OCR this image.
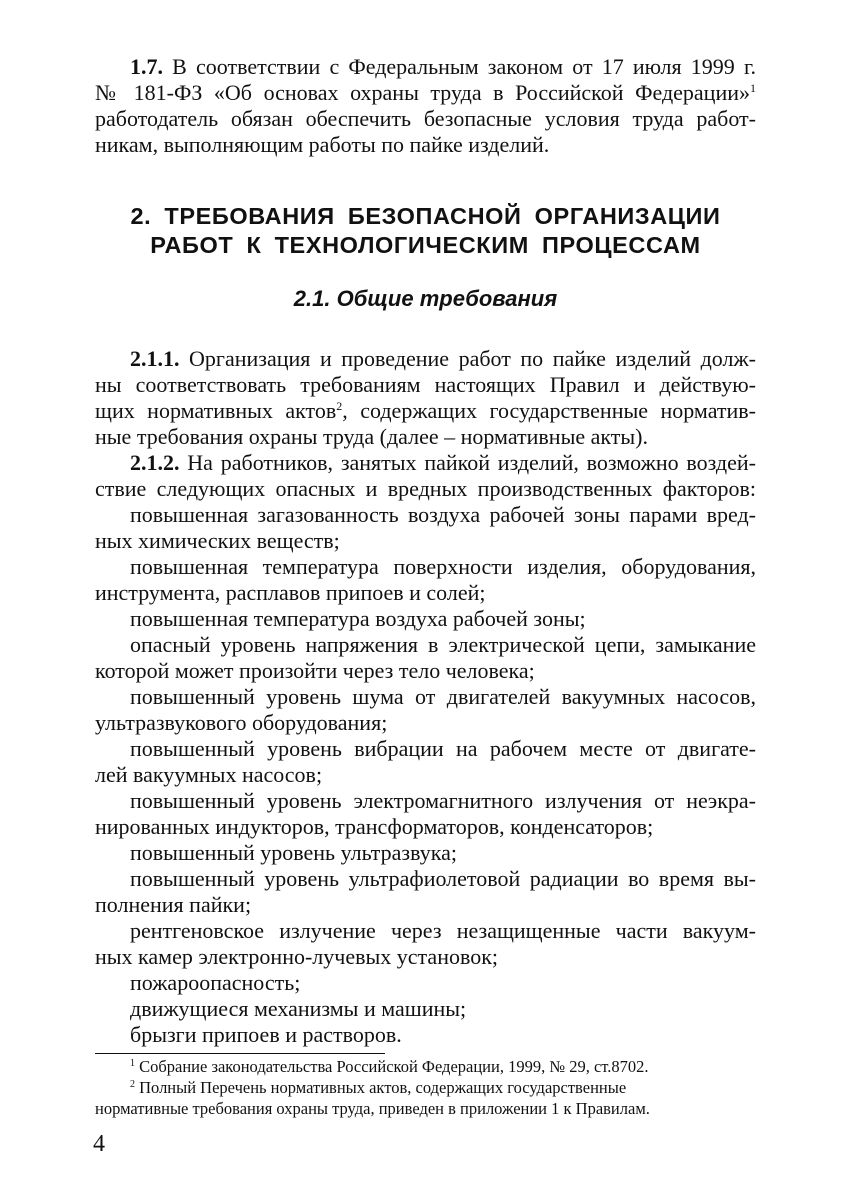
1.7. В соответствии с Федеральным законом от 17 июля 1999 г.
№ 181-ФЗ «Об основах охраны труда в Российской Федерации»$^1$
работодатель обязан обеспечить безопасные условия труда работ-
никам, выполняющим работы по пайке изделий.
2. ТРЕБОВАНИЯ БЕЗОПАСНОЙ ОРГАНИЗАЦИИ
РАБОТ К ТЕХНОЛОГИЧЕСКИМ ПРОЦЕССАМ
2.1. Общие требования
2.1.1. Организация и проведение работ по пайке изделий долж-
ны соответствовать требованиям настоящих Правил и действую-
щих нормативных актов$^2$, содержащих государственные норматив-
ные требования охраны труда (далее – нормативные акты).
2.1.2. На работников, занятых пайкой изделий, возможно воздей-
ствие следующих опасных и вредных производственных факторов:
повышенная загазованность воздуха рабочей зоны парами вред-
ных химических веществ;
повышенная температура поверхности изделия, оборудования,
инструмента, расплавов припоев и солей;
повышенная температура воздуха рабочей зоны;
опасный уровень напряжения в электрической цепи, замыкание
которой может произойти через тело человека;
повышенный уровень шума от двигателей вакуумных насосов,
ультразвукового оборудования;
повышенный уровень вибрации на рабочем месте от двигате-
лей вакуумных насосов;
повышенный уровень электромагнитного излучения от неэкра-
нированных индукторов, трансформаторов, конденсаторов;
повышенный уровень ультразвука;
повышенный уровень ультрафиолетовой радиации во время вы-
полнения пайки;
рентгеновское излучение через незащищенные части вакуум-
ных камер электронно-лучевых установок;
пожароопасность;
движущиеся механизмы и машины;
брызги припоев и растворов.
$^1$ Собрание законодательства Российской Федерации, 1999, № 29, ст.8702.
$^2$ Полный Перечень нормативных актов, содержащих государственные
нормативные требования охраны труда, приведен в приложении 1 к Правилам.
4
